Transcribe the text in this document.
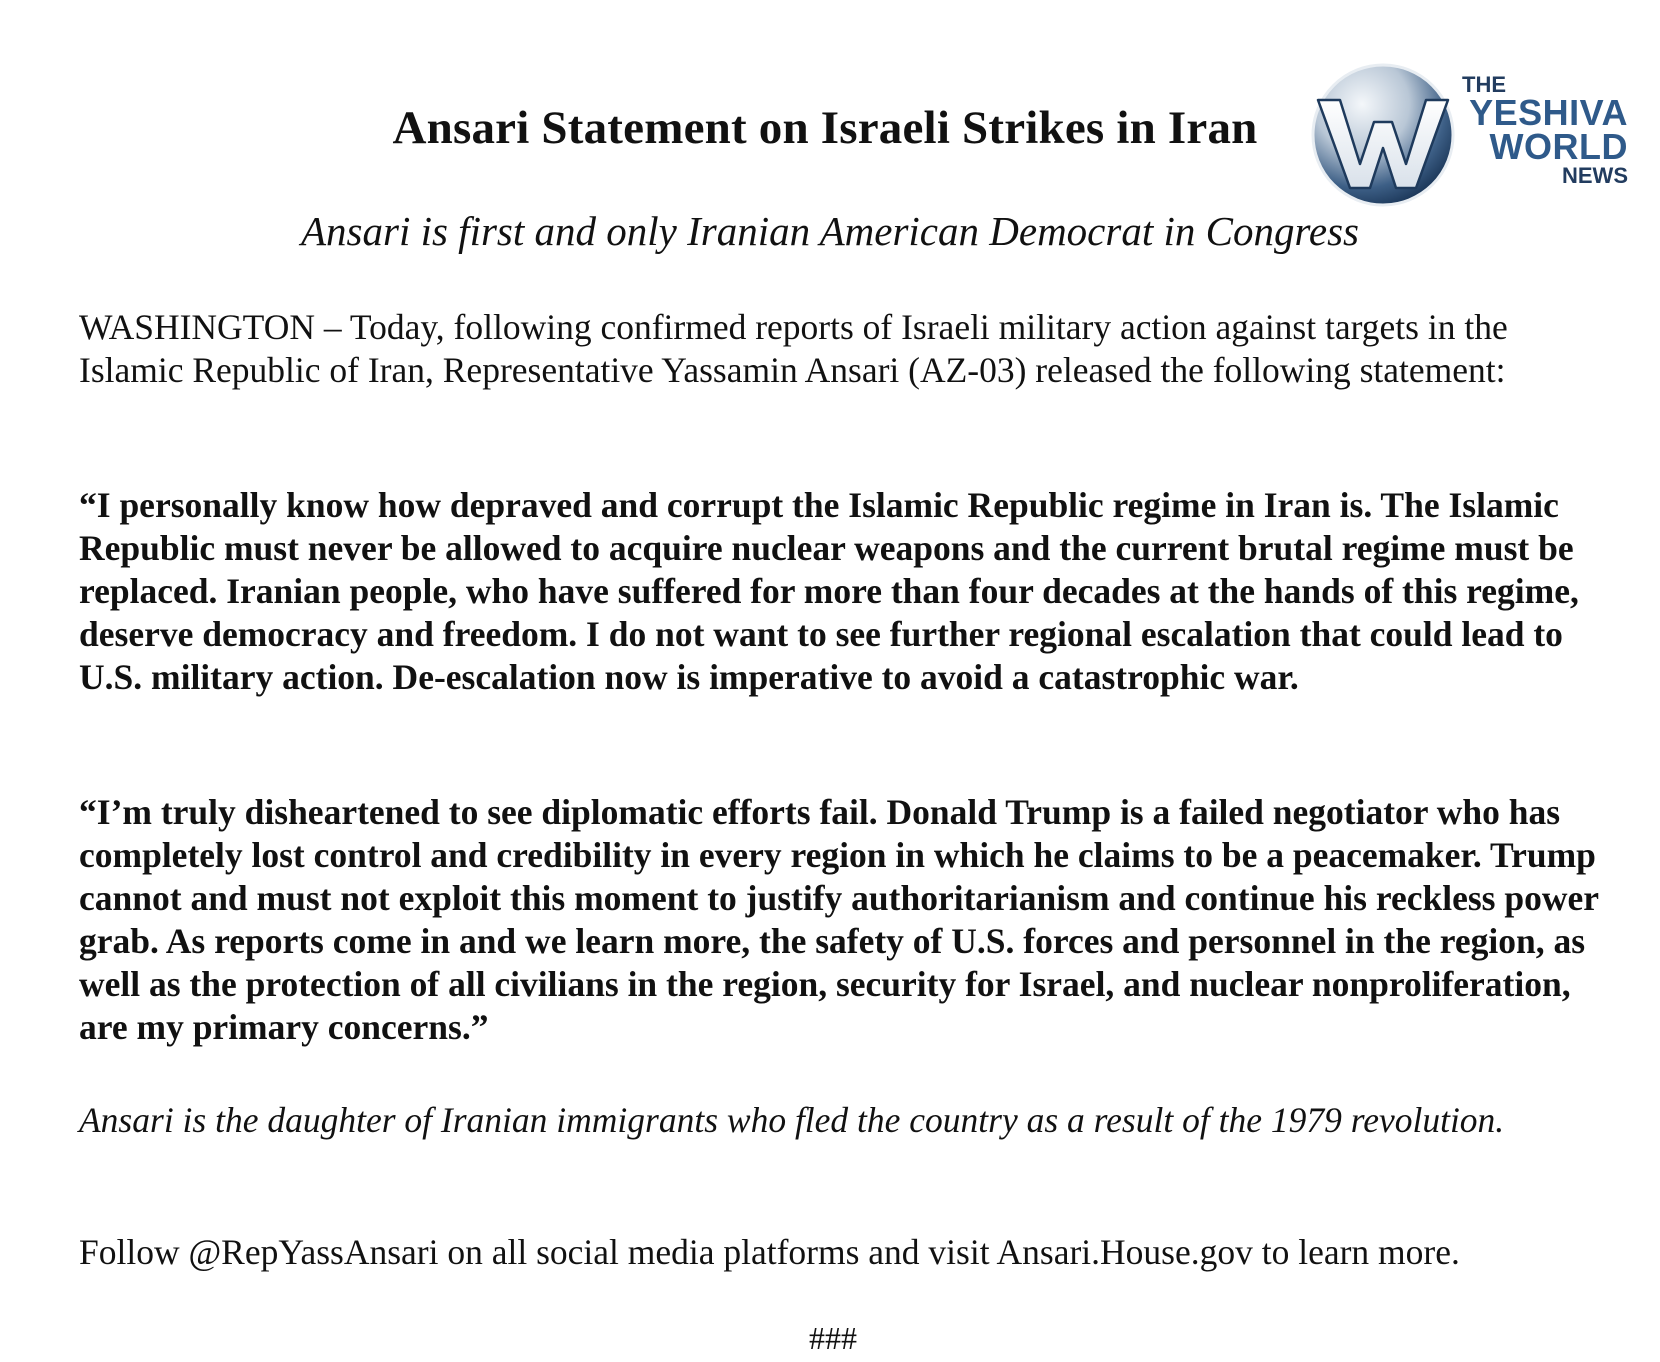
Ansari Statement on Israeli Strikes in Iran
THE
YESHIVA
WORLD
NEWS
Ansari is first and only Iranian American Democrat in Congress

WASHINGTON – Today, following confirmed reports of Israeli military action against targets in the Islamic Republic of Iran, Representative Yassamin Ansari (AZ-03) released the following statement:

“I personally know how depraved and corrupt the Islamic Republic regime in Iran is. The Islamic Republic must never be allowed to acquire nuclear weapons and the current brutal regime must be replaced. Iranian people, who have suffered for more than four decades at the hands of this regime, deserve democracy and freedom. I do not want to see further regional escalation that could lead to U.S. military action. De-escalation now is imperative to avoid a catastrophic war.

“I’m truly disheartened to see diplomatic efforts fail. Donald Trump is a failed negotiator who has completely lost control and credibility in every region in which he claims to be a peacemaker. Trump cannot and must not exploit this moment to justify authoritarianism and continue his reckless power grab. As reports come in and we learn more, the safety of U.S. forces and personnel in the region, as well as the protection of all civilians in the region, security for Israel, and nuclear nonproliferation, are my primary concerns.”

Ansari is the daughter of Iranian immigrants who fled the country as a result of the 1979 revolution.

Follow @RepYassAnsari on all social media platforms and visit Ansari.House.gov to learn more.

###
